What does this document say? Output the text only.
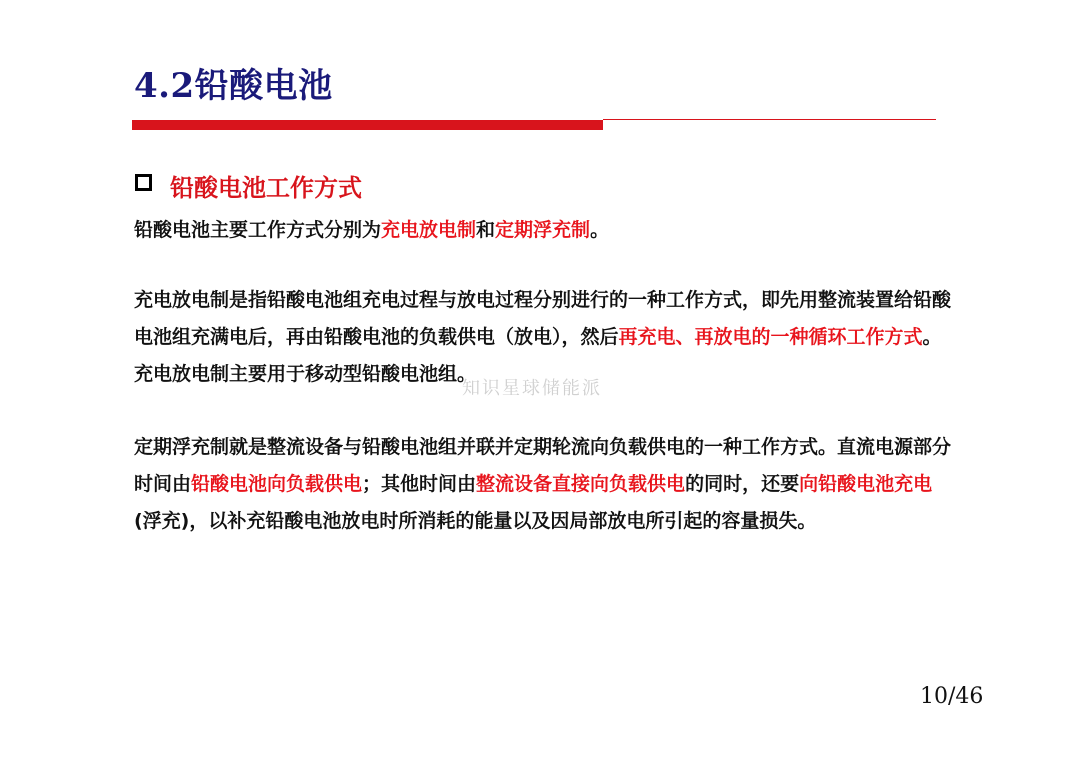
4.2铅酸电池
铅酸电池工作方式

铅酸电池主要工作方式分别为充电放电制和定期浮充制。

充电放电制是指铅酸电池组充电过程与放电过程分别进行的一种工作方式，即先用整流装置给铅酸电池组充满电后，再由铅酸电池的负载供电（放电），然后再充电、再放电的一种循环工作方式。充电放电制主要用于移动型铅酸电池组。

知识星球储能派

定期浮充制就是整流设备与铅酸电池组并联并定期轮流向负载供电的一种工作方式。直流电源部分时间由铅酸电池向负载供电；其他时间由整流设备直接向负载供电的同时，还要向铅酸电池充电(浮充)，以补充铅酸电池放电时所消耗的能量以及因局部放电所引起的容量损失。

10/46
